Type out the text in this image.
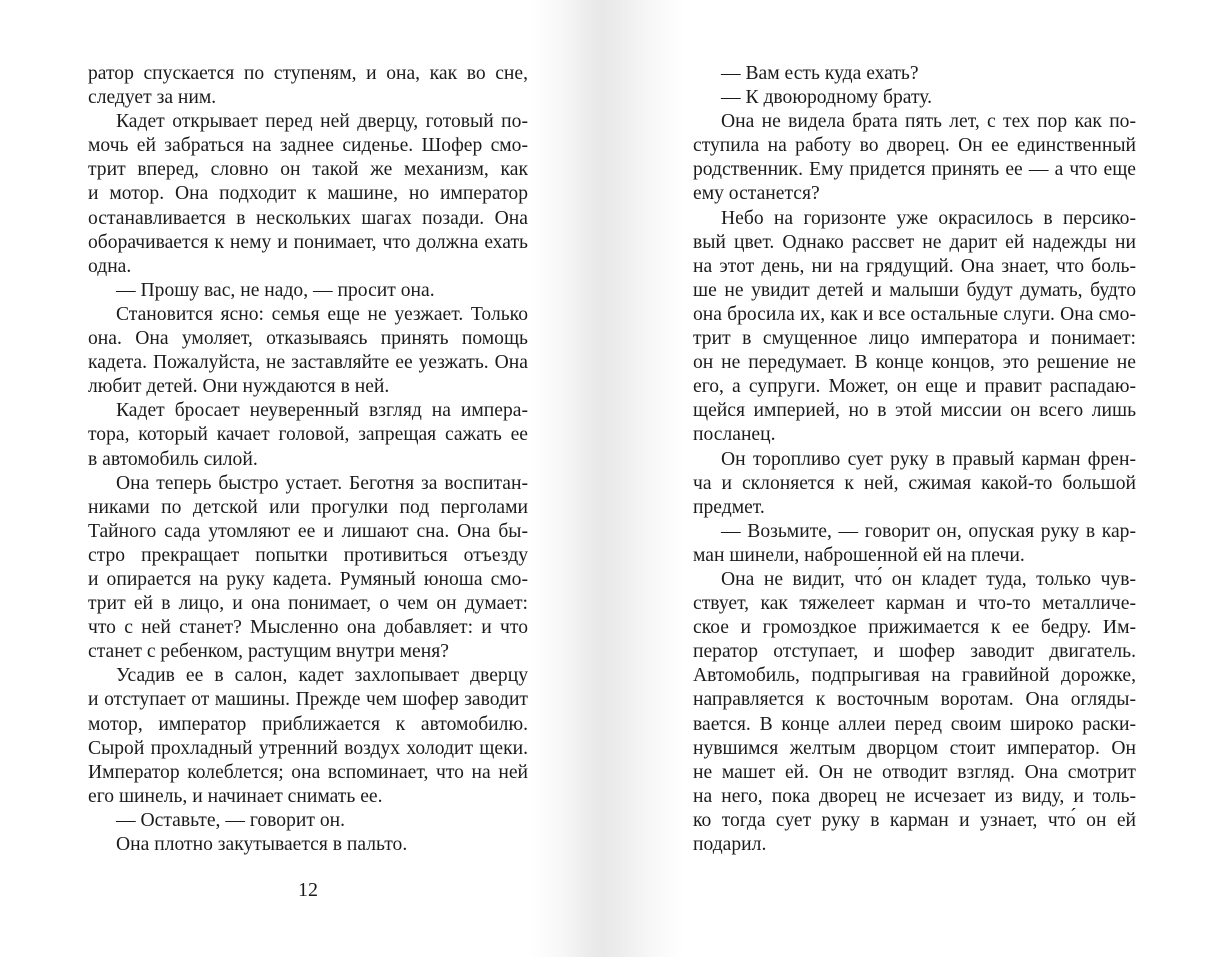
ратор спускается по ступеням, и она, как во сне,
следует за ним.
Кадет открывает перед ней дверцу, готовый по-
мочь ей забраться на заднее сиденье. Шофер смо-
трит вперед, словно он такой же механизм, как
и мотор. Она подходит к машине, но император
останавливается в нескольких шагах позади. Она
оборачивается к нему и понимает, что должна ехать
одна.
— Прошу вас, не надо, — просит она.
Становится ясно: семья еще не уезжает. Только
она. Она умоляет, отказываясь принять помощь
кадета. Пожалуйста, не заставляйте ее уезжать. Она
любит детей. Они нуждаются в ней.
Кадет бросает неуверенный взгляд на импера-
тора, который качает головой, запрещая сажать ее
в автомобиль силой.
Она теперь быстро устает. Беготня за воспитан-
никами по детской или прогулки под перголами
Тайного сада утомляют ее и лишают сна. Она бы-
стро прекращает попытки противиться отъезду
и опирается на руку кадета. Румяный юноша смо-
трит ей в лицо, и она понимает, о чем он думает:
что с ней станет? Мысленно она добавляет: и что
станет с ребенком, растущим внутри меня?
Усадив ее в салон, кадет захлопывает дверцу
и отступает от машины. Прежде чем шофер заводит
мотор, император приближается к автомобилю.
Сырой прохладный утренний воздух холодит щеки.
Император колеблется; она вспоминает, что на ней
его шинель, и начинает снимать ее.
— Оставьте, — говорит он.
Она плотно закутывается в пальто.
12
— Вам есть куда ехать?
— К двоюродному брату.
Она не видела брата пять лет, с тех пор как по-
ступила на работу во дворец. Он ее единственный
родственник. Ему придется принять ее — а что еще
ему останется?
Небо на горизонте уже окрасилось в персико-
вый цвет. Однако рассвет не дарит ей надежды ни
на этот день, ни на грядущий. Она знает, что боль-
ше не увидит детей и малыши будут думать, будто
она бросила их, как и все остальные слуги. Она смо-
трит в смущенное лицо императора и понимает:
он не передумает. В конце концов, это решение не
его, а супруги. Может, он еще и правит распадаю-
щейся империей, но в этой миссии он всего лишь
посланец.
Он торопливо сует руку в правый карман френ-
ча и склоняется к ней, сжимая какой-то большой
предмет.
— Возьмите, — говорит он, опуская руку в кар-
ман шинели, наброшенной ей на плечи.
Она не видит, что́ он кладет туда, только чув-
ствует, как тяжелеет карман и что-то металличе-
ское и громоздкое прижимается к ее бедру. Им-
ператор отступает, и шофер заводит двигатель.
Автомобиль, подпрыгивая на гравийной дорожке,
направляется к восточным воротам. Она огляды-
вается. В конце аллеи перед своим широко раски-
нувшимся желтым дворцом стоит император. Он
не машет ей. Он не отводит взгляд. Она смотрит
на него, пока дворец не исчезает из виду, и толь-
ко тогда сует руку в карман и узнает, что́ он ей
подарил.
